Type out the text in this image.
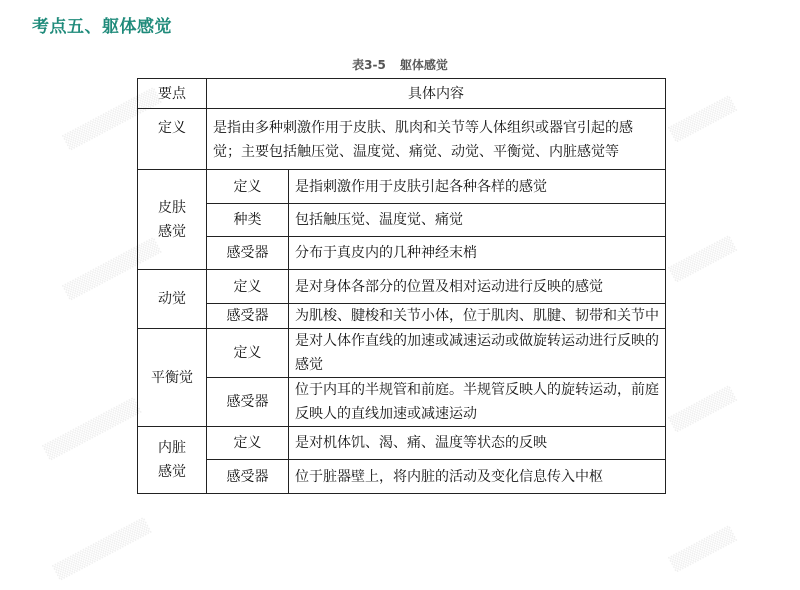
考点五、躯体感觉
表3-5 躯体感觉
要点	具体内容	
定义	是指由多种刺激作用于皮肤、肌肉和关节等人体组织或器官引起的感觉；主要包括触压觉、温度觉、痛觉、动觉、平衡觉、内脏感觉等	

皮肤感觉	定义	是指刺激作用于皮肤引起各种各样的感觉
	种类	包括触压觉、温度觉、痛觉
	感受器	分布于真皮内的几种神经末梢
动觉	定义	是对身体各部分的位置及相对运动进行反映的感觉
	感受器	为肌梭、腱梭和关节小体，位于肌肉、肌腱、韧带和关节中
平衡觉	定义	是对人体作直线的加速或减速运动或做旋转运动进行反映的感觉
	感受器	位于内耳的半规管和前庭。半规管反映人的旋转运动，前庭反映人的直线加速或减速运动

内脏感觉	定义	是对机体饥、渴、痛、温度等状态的反映
	感受器	位于脏器壁上，将内脏的活动及变化信息传入中枢
▒▒▒▒▒▒▒▒▒
▒▒▒▒▒▒▒▒▒
▒▒▒▒▒▒▒▒▒
▒▒▒▒▒▒▒▒▒
▒▒▒▒▒▒
▒▒▒▒▒▒
▒▒▒▒▒▒
▒▒▒▒▒▒
